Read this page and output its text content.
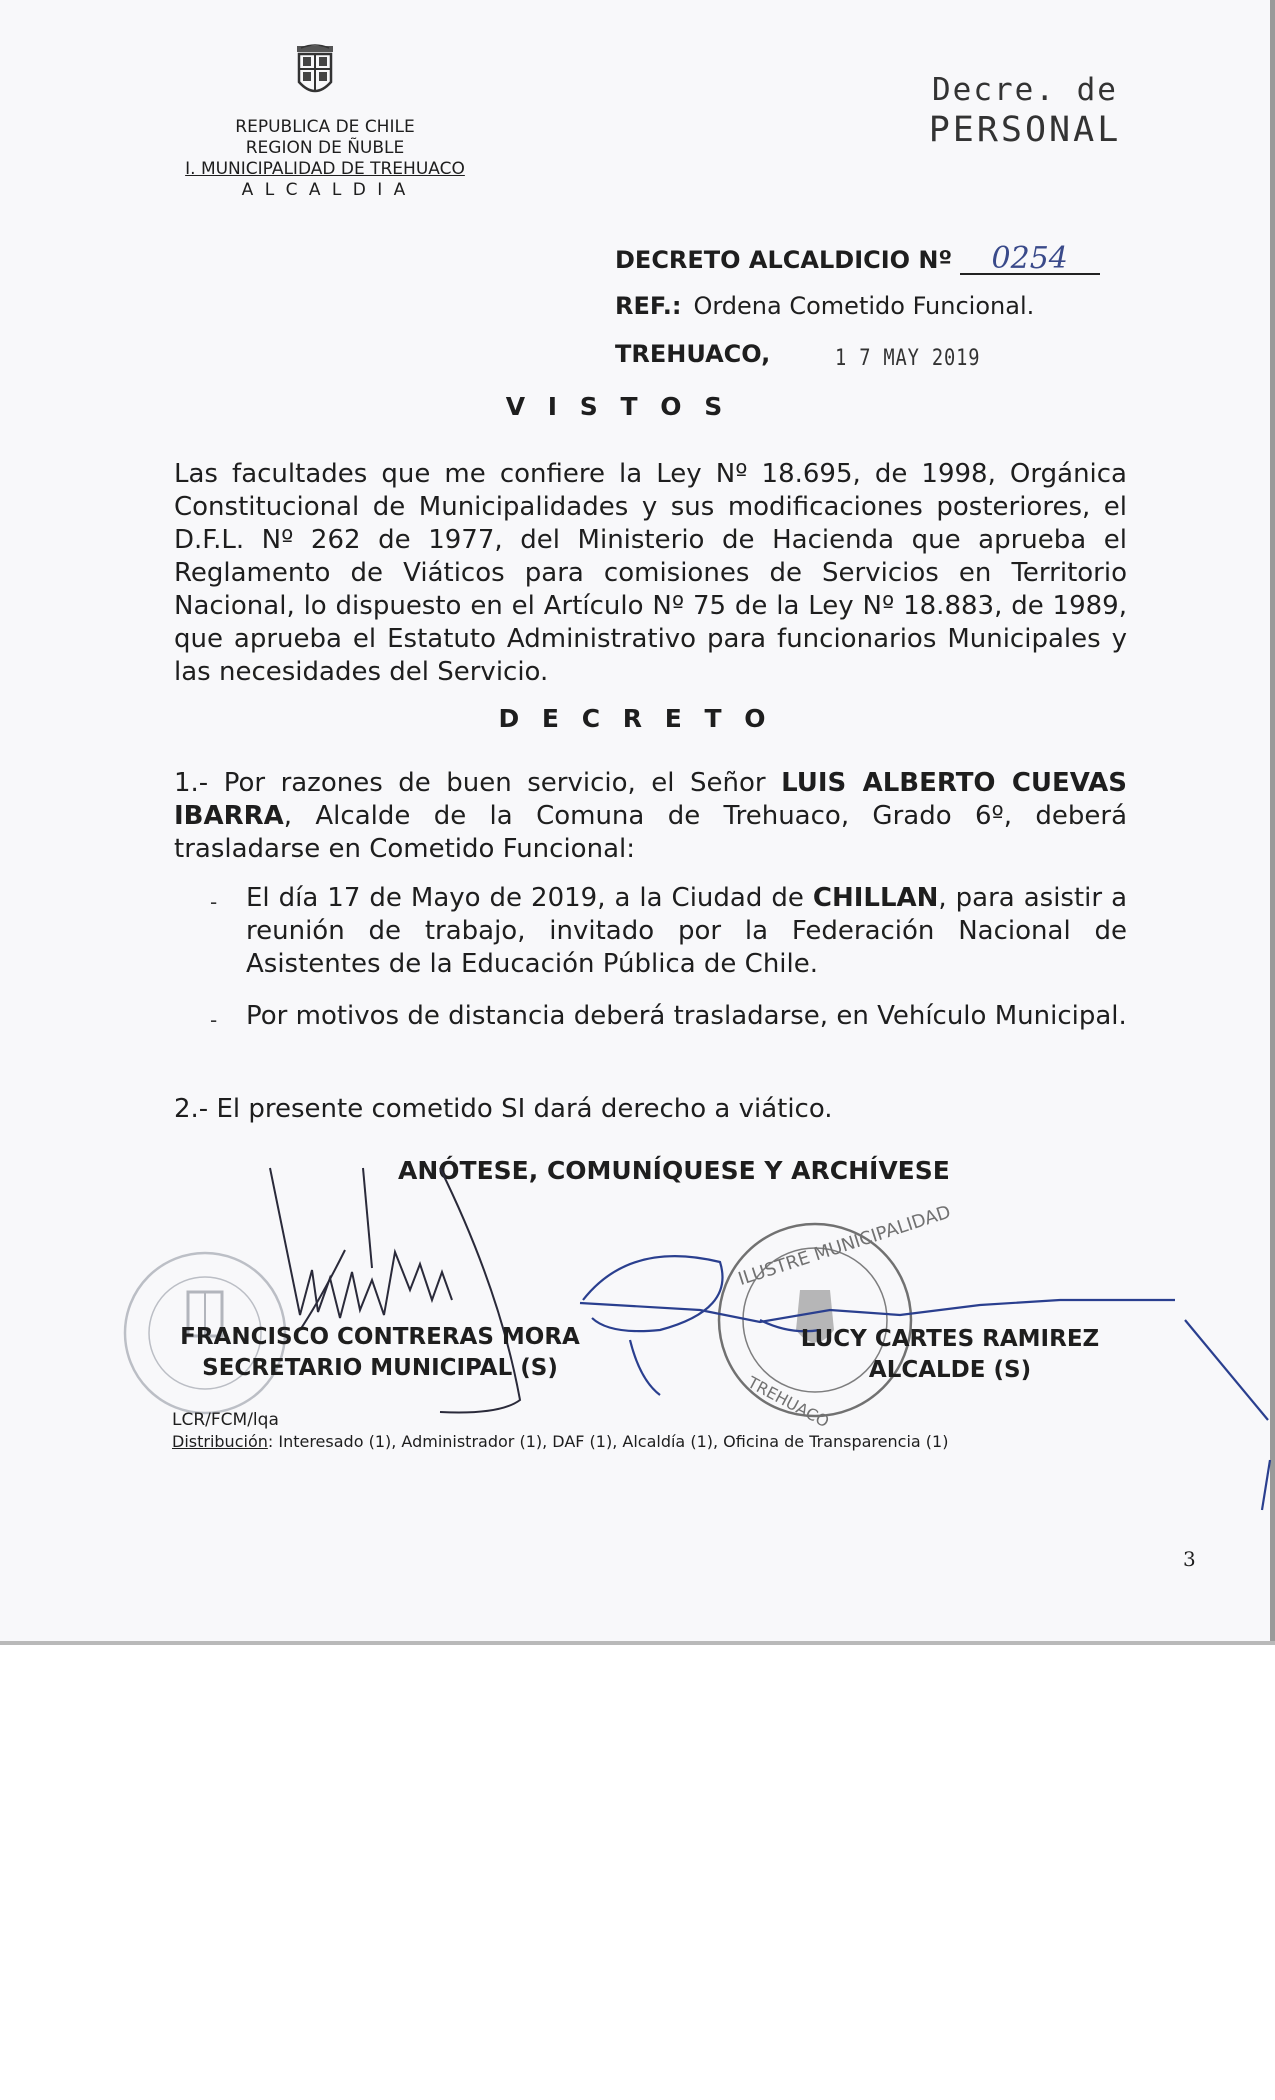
REPUBLICA DE CHILE
REGION DE ÑUBLE
I. MUNICIPALIDAD DE TREHUACO
A L C A L D I A
Decre. de
PERSONAL
DECRETO ALCALDICIO Nº 0254
REF.: Ordena Cometido Funcional.
TREHUACO,	1 7 MAY 2019
V I S T O S
Las facultades que me confiere la Ley Nº 18.695, de 1998, Orgánica Constitucional de Municipalidades y sus modificaciones posteriores, el D.F.L. Nº 262 de 1977, del Ministerio de Hacienda que aprueba el Reglamento de Viáticos para comisiones de Servicios en Territorio Nacional, lo dispuesto en el Artículo Nº 75 de la Ley Nº 18.883, de 1989, que aprueba el Estatuto Administrativo para funcionarios Municipales y las necesidades del Servicio.
D E C R E T O
1.- Por razones de buen servicio, el Señor LUIS ALBERTO CUEVAS IBARRA, Alcalde de la Comuna de Trehuaco, Grado 6º, deberá trasladarse en Cometido Funcional:
- El día 17 de Mayo de 2019, a la Ciudad de CHILLAN, para asistir a reunión de trabajo, invitado por la Federación Nacional de Asistentes de la Educación Pública de Chile.
- Por motivos de distancia deberá trasladarse, en Vehículo Municipal.
2.- El presente cometido SI dará derecho a viático.
ANÓTESE, COMUNÍQUESE Y ARCHÍVESE
ILUSTRE MUNICIPALIDAD
TREHUACO
FRANCISCO CONTRERAS MORA
SECRETARIO MUNICIPAL (S)
LUCY CARTES RAMIREZ
ALCALDE (S)
LCR/FCM/lqa
Distribución: Interesado (1), Administrador (1), DAF (1), Alcaldía (1), Oficina de Transparencia (1)
3
